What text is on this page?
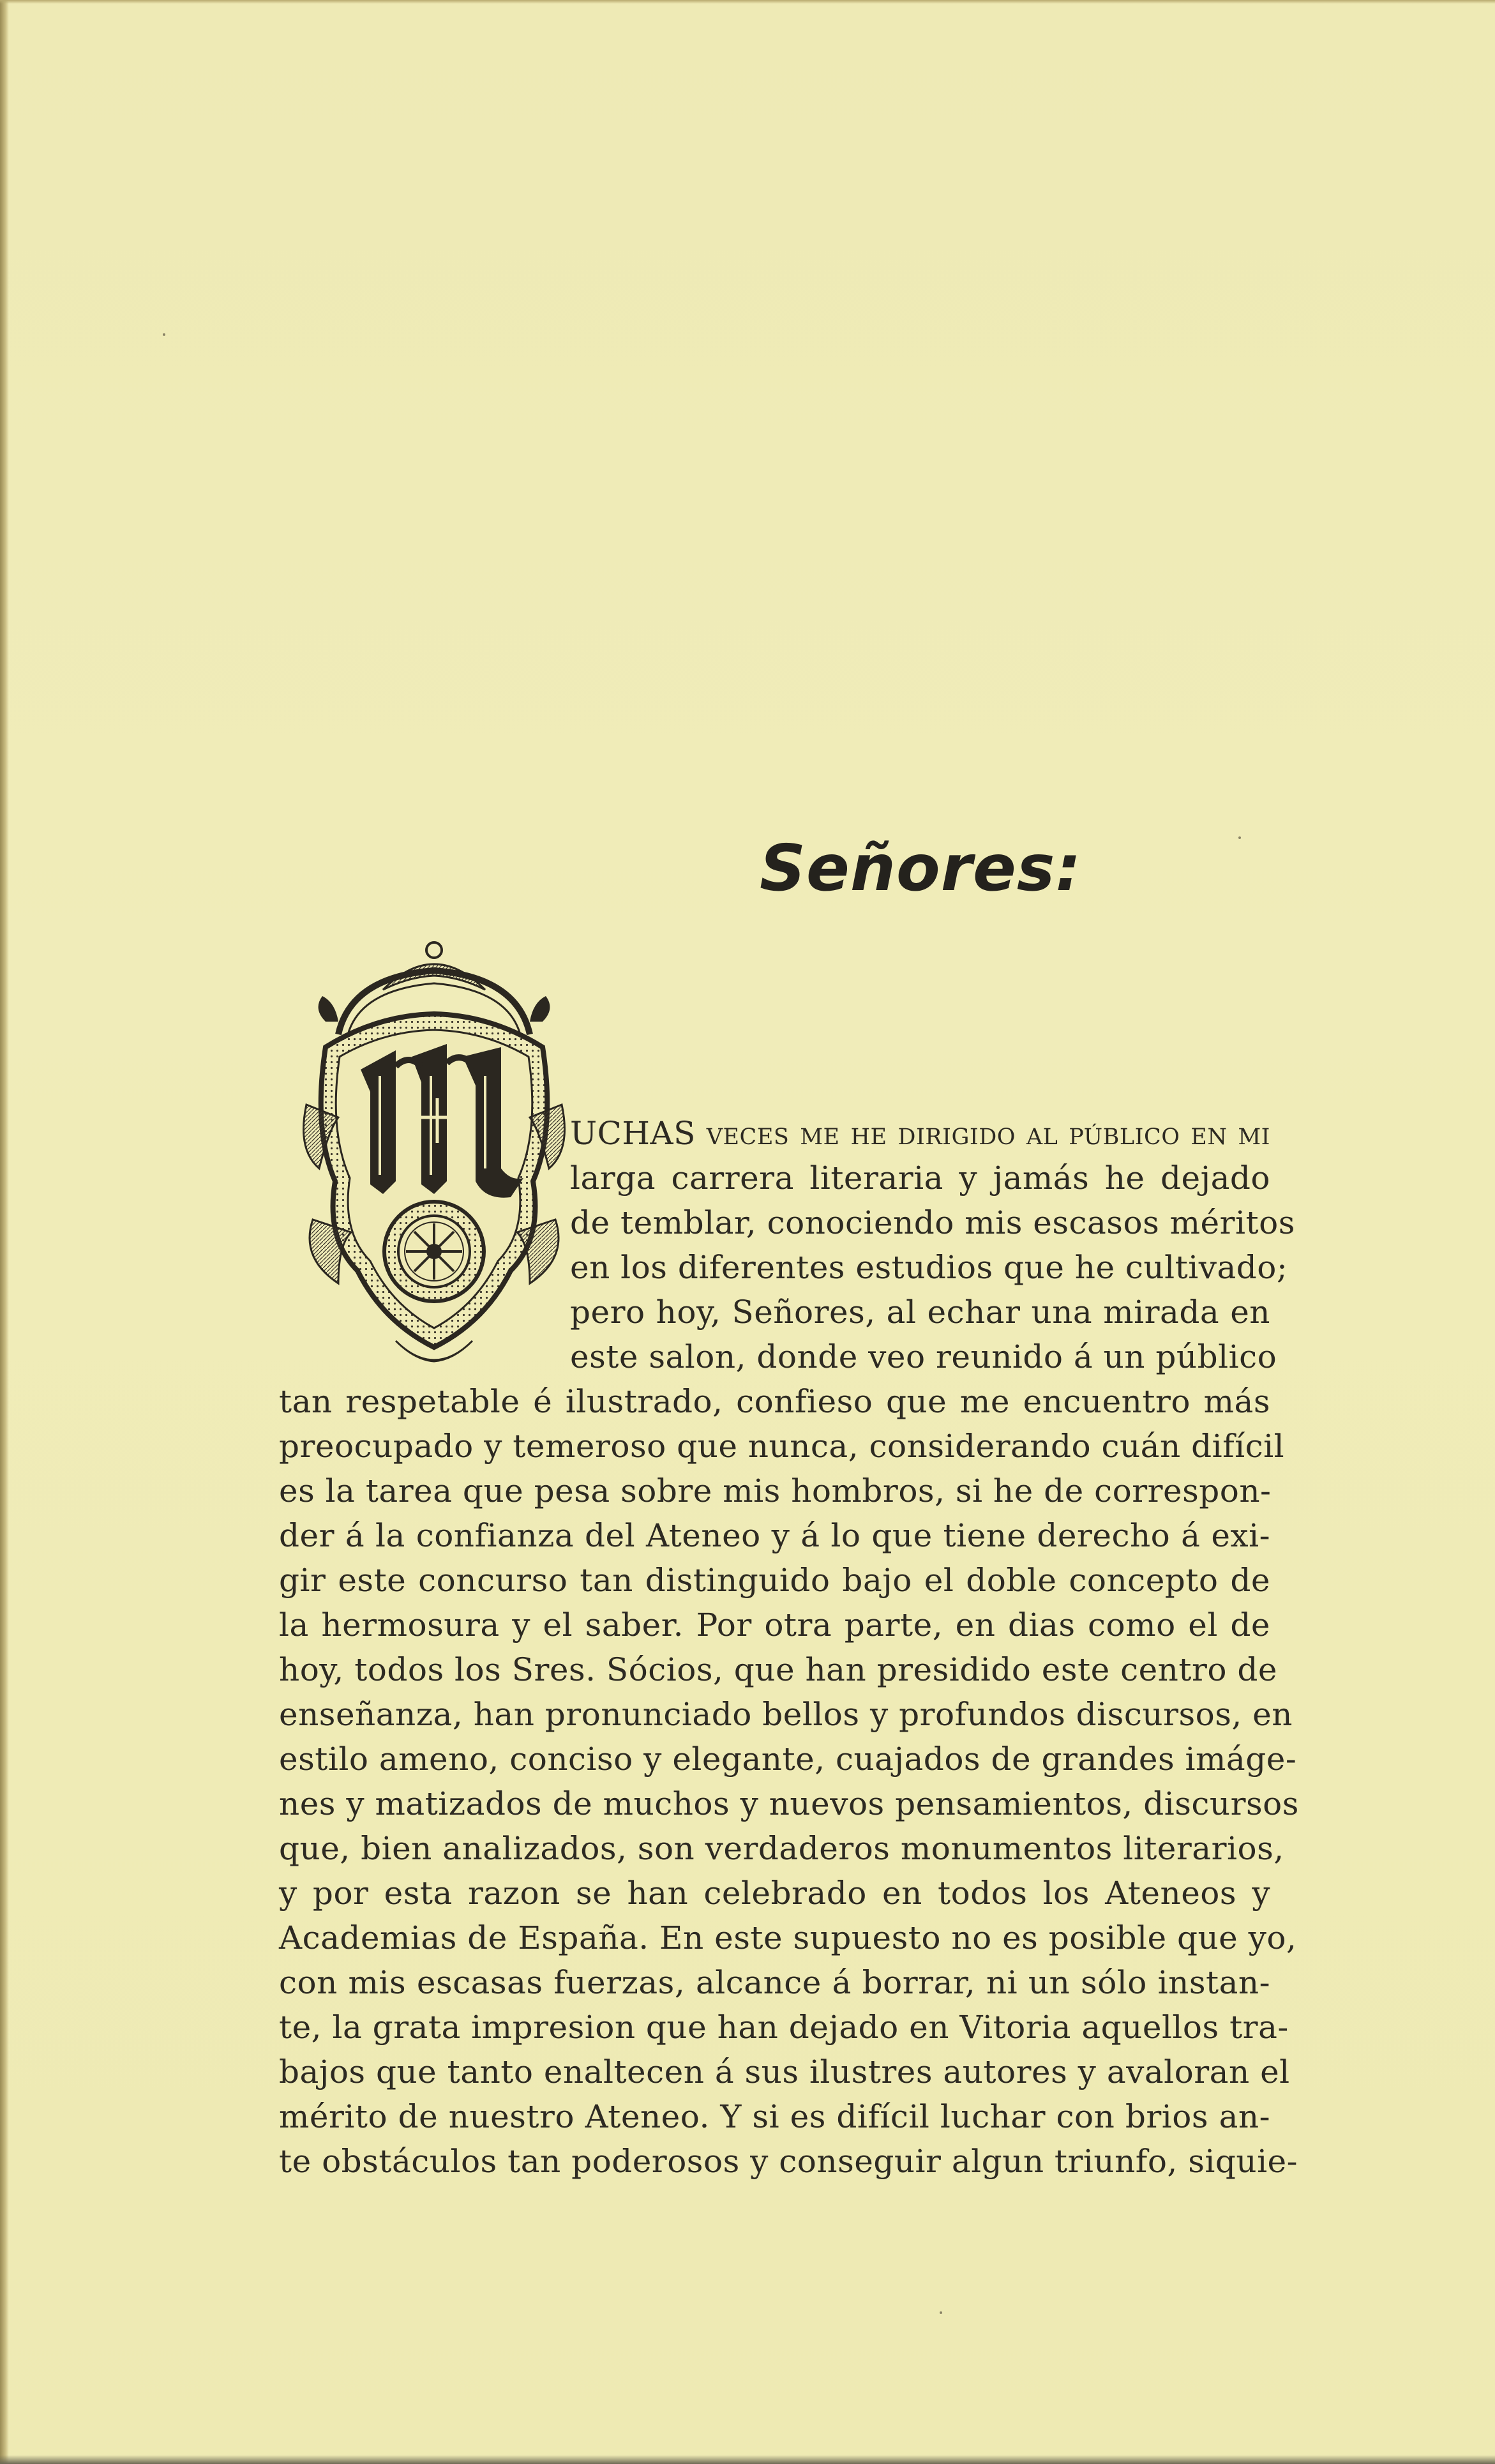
Señores:
UCHAS veces me he dirigido al público en mi
larga carrera literaria y jamás he dejado
de temblar, conociendo mis escasos méritos
en los diferentes estudios que he cultivado;
pero hoy, Señores, al echar una mirada en
este salon, donde veo reunido á un público
tan respetable é ilustrado, confieso que me encuentro más
preocupado y temeroso que nunca, considerando cuán difícil
es la tarea que pesa sobre mis hombros, si he de correspon-
der á la confianza del Ateneo y á lo que tiene derecho á exi-
gir este concurso tan distinguido bajo el doble concepto de
la hermosura y el saber. Por otra parte, en dias como el de
hoy, todos los Sres. Sócios, que han presidido este centro de
enseñanza, han pronunciado bellos y profundos discursos, en
estilo ameno, conciso y elegante, cuajados de grandes imáge-
nes y matizados de muchos y nuevos pensamientos, discursos
que, bien analizados, son verdaderos monumentos literarios,
y por esta razon se han celebrado en todos los Ateneos y
Academias de España. En este supuesto no es posible que yo,
con mis escasas fuerzas, alcance á borrar, ni un sólo instan-
te, la grata impresion que han dejado en Vitoria aquellos tra-
bajos que tanto enaltecen á sus ilustres autores y avaloran el
mérito de nuestro Ateneo. Y si es difícil luchar con brios an-
te obstáculos tan poderosos y conseguir algun triunfo, siquie-
